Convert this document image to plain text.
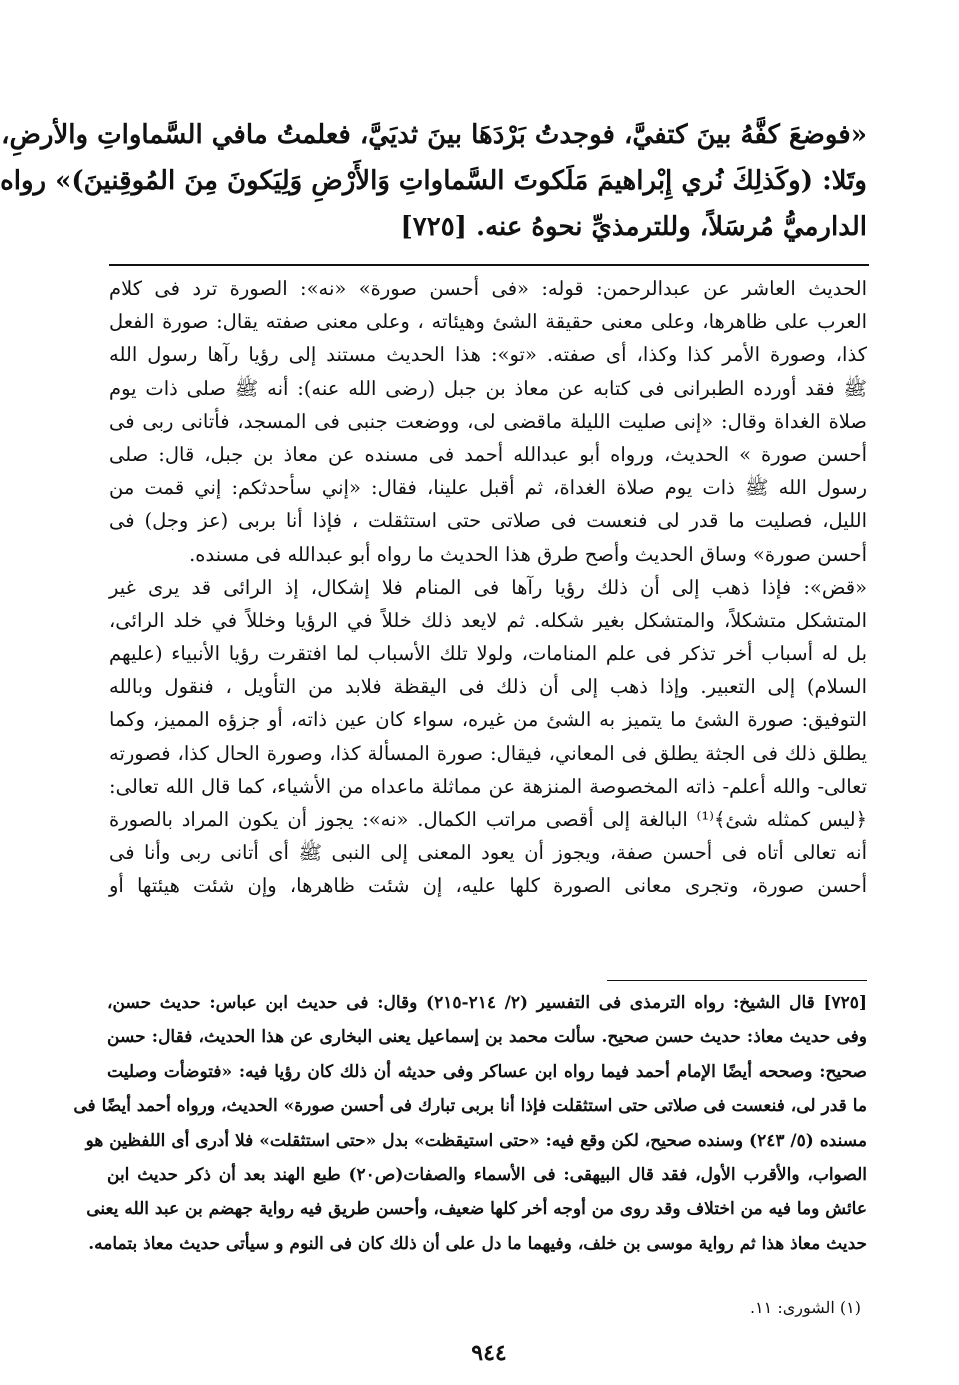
«فوضعَ كفَّهُ بينَ كتفيَّ، فوجدتُ بَرْدَهَا بينَ ثديَيَّ، فعلمتُ مافي السَّماواتِ والأرضِ،
وتَلا: (وكَذلِكَ نُري إِبْراهيمَ مَلَكوتَ السَّماواتِ وَالأَرْضِ وَلِيَكونَ مِنَ المُوقِنينَ)» رواه
الدارميُّ مُرسَلاً، وللترمذيِّ نحوهُ عنه. [٧٢٥]
الحديث العاشر عن عبدالرحمن: قوله: «فى أحسن صورة» «نه»: الصورة ترد فى كلام
العرب على ظاهرها، وعلى معنى حقيقة الشئ وهيئاته ، وعلى معنى صفته يقال: صورة الفعل
كذا، وصورة الأمر كذا وكذا، أى صفته. «تو»: هذا الحديث مستند إلى رؤيا رآها رسول الله
ﷺ فقد أورده الطبرانى فى كتابه عن معاذ بن جبل (رضى الله عنه): أنه ﷺ صلى ذات يوم
صلاة الغداة وقال: «إنى صليت الليلة ماقضى لى، ووضعت جنبى فى المسجد، فأتانى ربى فى
أحسن صورة » الحديث، ورواه أبو عبدالله أحمد فى مسنده عن معاذ بن جبل، قال: صلى
رسول الله ﷺ ذات يوم صلاة الغداة، ثم أقبل علينا، فقال: «إني سأحدثكم: إني قمت من
الليل، فصليت ما قدر لى فنعست فى صلاتى حتى استثقلت ، فإذا أنا بربى (عز وجل) فى
أحسن صورة» وساق الحديث وأصح طرق هذا الحديث ما رواه أبو عبدالله فى مسنده.
«قض»: فإذا ذهب إلى أن ذلك رؤيا رآها فى المنام فلا إشكال، إذ الرائى قد يرى غير
المتشكل متشكلاً، والمتشكل بغير شكله. ثم لايعد ذلك خللاً في الرؤيا وخللاً في خلد الرائى،
بل له أسباب أخر تذكر فى علم المنامات، ولولا تلك الأسباب لما افتقرت رؤيا الأنبياء (عليهم
السلام) إلى التعبير. وإذا ذهب إلى أن ذلك فى اليقظة فلابد من التأويل ، فنقول وبالله
التوفيق: صورة الشئ ما يتميز به الشئ من غيره، سواء كان عين ذاته، أو جزؤه المميز، وكما
يطلق ذلك فى الجثة يطلق فى المعاني، فيقال: صورة المسألة كذا، وصورة الحال كذا، فصورته
تعالى- والله أعلم- ذاته المخصوصة المنزهة عن مماثلة ماعداه من الأشياء، كما قال الله تعالى:
﴿ليس كمثله شئ﴾⁽¹⁾ البالغة إلى أقصى مراتب الكمال. «نه»: يجوز أن يكون المراد بالصورة
أنه تعالى أتاه فى أحسن صفة، ويجوز أن يعود المعنى إلى النبى ﷺ أى أتانى ربى وأنا فى
أحسن صورة، وتجرى معانى الصورة كلها عليه، إن شئت ظاهرها، وإن شئت هيئتها أو
[٧٢٥] قال الشيخ: رواه الترمذى فى التفسير (٢/ ٢١٤-٢١٥) وقال: فى حديث ابن عباس: حديث حسن،
وفى حديث معاذ: حديث حسن صحيح. سألت محمد بن إسماعيل يعنى البخارى عن هذا الحديث، فقال: حسن
صحيح: وصححه أيضًا الإمام أحمد فيما رواه ابن عساكر وفى حديثه أن ذلك كان رؤيا فيه: «فتوضأت وصليت
ما قدر لى، فنعست فى صلاتى حتى استثقلت فإذا أنا بربى تبارك فى أحسن صورة» الحديث، ورواه أحمد أيضًا فى
مسنده (٥/ ٢٤٣) وسنده صحيح، لكن وقع فيه: «حتى استيقظت» بدل «حتى استثقلت» فلا أدرى أى اللفظين هو
الصواب، والأقرب الأول، فقد قال البيهقى: فى الأسماء والصفات(ص٢٠) طبع الهند بعد أن ذكر حديث ابن
عائش وما فيه من اختلاف وقد روى من أوجه أخر كلها ضعيف، وأحسن طريق فيه رواية جهضم بن عبد الله يعنى
حديث معاذ هذا ثم رواية موسى بن خلف، وفيهما ما دل على أن ذلك كان فى النوم و سيأتى حديث معاذ بتمامه.
(١) الشورى: ١١.
٩٤٤
